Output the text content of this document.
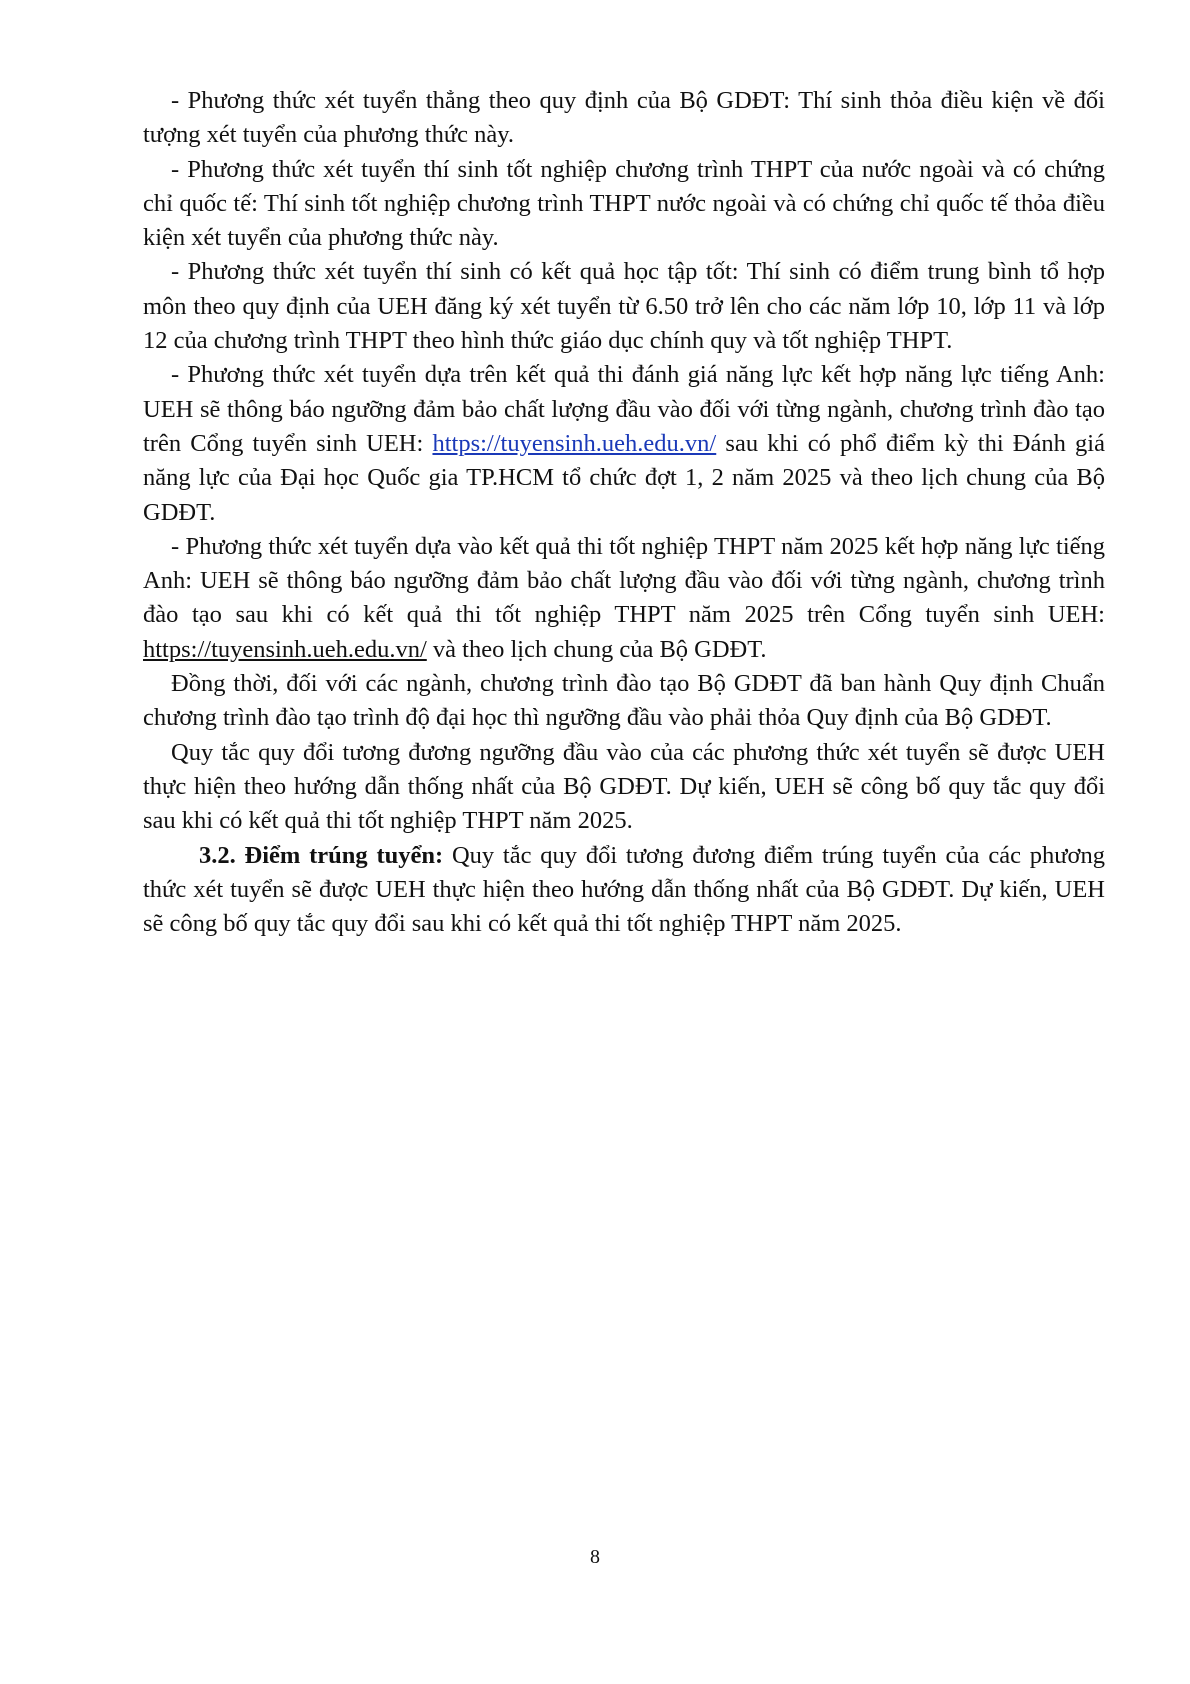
- Phương thức xét tuyển thẳng theo quy định của Bộ GDĐT: Thí sinh thỏa điều kiện về đối tượng xét tuyển của phương thức này.

- Phương thức xét tuyển thí sinh tốt nghiệp chương trình THPT của nước ngoài và có chứng chỉ quốc tế: Thí sinh tốt nghiệp chương trình THPT nước ngoài và có chứng chỉ quốc tế thỏa điều kiện xét tuyển của phương thức này.

- Phương thức xét tuyển thí sinh có kết quả học tập tốt: Thí sinh có điểm trung bình tổ hợp môn theo quy định của UEH đăng ký xét tuyển từ 6.50 trở lên cho các năm lớp 10, lớp 11 và lớp 12 của chương trình THPT theo hình thức giáo dục chính quy và tốt nghiệp THPT.

- Phương thức xét tuyển dựa trên kết quả thi đánh giá năng lực kết hợp năng lực tiếng Anh: UEH sẽ thông báo ngưỡng đảm bảo chất lượng đầu vào đối với từng ngành, chương trình đào tạo trên Cổng tuyển sinh UEH: https://tuyensinh.ueh.edu.vn/ sau khi có phổ điểm kỳ thi Đánh giá năng lực của Đại học Quốc gia TP.HCM tổ chức đợt 1, 2 năm 2025 và theo lịch chung của Bộ GDĐT.

- Phương thức xét tuyển dựa vào kết quả thi tốt nghiệp THPT năm 2025 kết hợp năng lực tiếng Anh: UEH sẽ thông báo ngưỡng đảm bảo chất lượng đầu vào đối với từng ngành, chương trình đào tạo sau khi có kết quả thi tốt nghiệp THPT năm 2025 trên Cổng tuyển sinh UEH: https://tuyensinh.ueh.edu.vn/ và theo lịch chung của Bộ GDĐT.

Đồng thời, đối với các ngành, chương trình đào tạo Bộ GDĐT đã ban hành Quy định Chuẩn chương trình đào tạo trình độ đại học thì ngưỡng đầu vào phải thỏa Quy định của Bộ GDĐT.

Quy tắc quy đổi tương đương ngưỡng đầu vào của các phương thức xét tuyển sẽ được UEH thực hiện theo hướng dẫn thống nhất của Bộ GDĐT. Dự kiến, UEH sẽ công bố quy tắc quy đổi sau khi có kết quả thi tốt nghiệp THPT năm 2025.

3.2. Điểm trúng tuyển: Quy tắc quy đổi tương đương điểm trúng tuyển của các phương thức xét tuyển sẽ được UEH thực hiện theo hướng dẫn thống nhất của Bộ GDĐT. Dự kiến, UEH sẽ công bố quy tắc quy đổi sau khi có kết quả thi tốt nghiệp THPT năm 2025.

8
